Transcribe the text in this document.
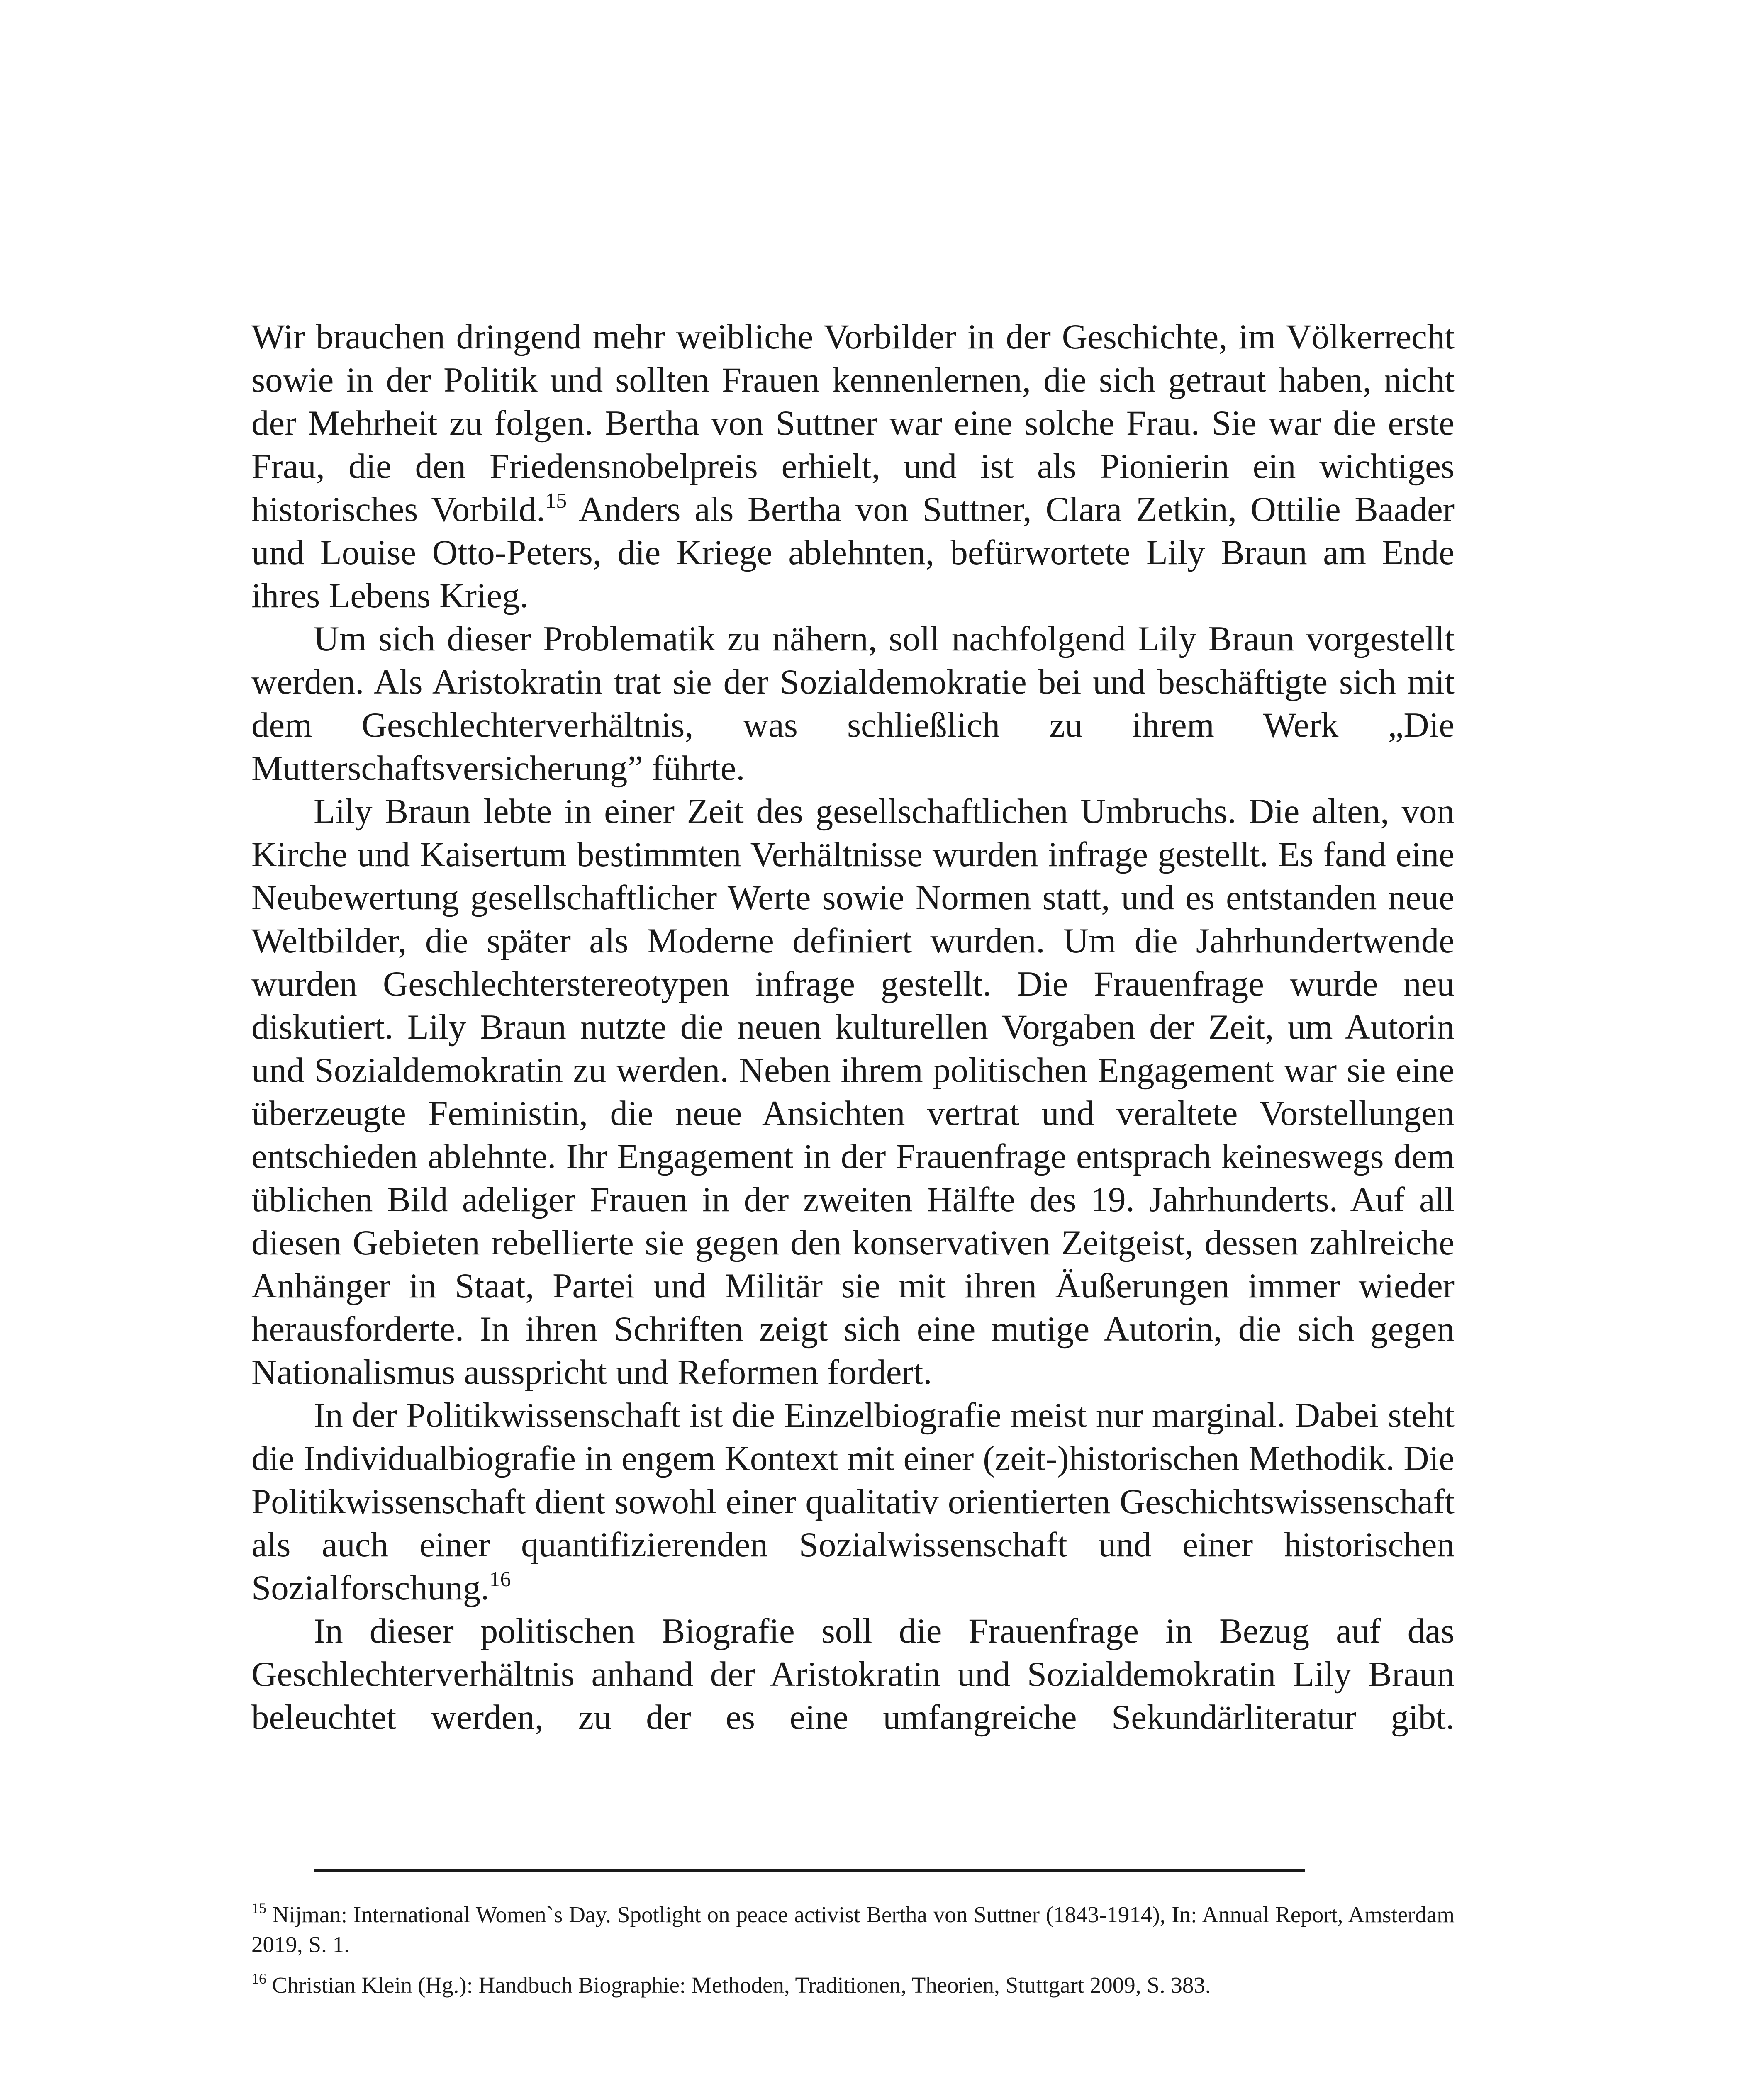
Wir brauchen dringend mehr weibliche Vorbilder in der Geschichte, im Völkerrecht sowie in der Politik und sollten Frauen kennenlernen, die sich getraut haben, nicht der Mehrheit zu folgen. Bertha von Suttner war eine solche Frau. Sie war die erste Frau, die den Friedensnobelpreis erhielt, und ist als Pionierin ein wichtiges historisches Vorbild.$^{15}$ Anders als Bertha von Suttner, Clara Zetkin, Ottilie Baader und Louise Otto-Peters, die Kriege ablehnten, befürwortete Lily Braun am Ende ihres Lebens Krieg.

Um sich dieser Problematik zu nähern, soll nachfolgend Lily Braun vorgestellt werden. Als Aristokratin trat sie der Sozialdemokratie bei und beschäftigte sich mit dem Geschlechterverhältnis, was schließlich zu ihrem Werk „Die Mutterschaftsversicherung” führte.

Lily Braun lebte in einer Zeit des gesellschaftlichen Umbruchs. Die alten, von Kirche und Kaisertum bestimmten Verhältnisse wurden infrage gestellt. Es fand eine Neubewertung gesellschaftlicher Werte sowie Normen statt, und es entstanden neue Weltbilder, die später als Moderne definiert wurden. Um die Jahrhundertwende wurden Geschlechterstereotypen infrage gestellt. Die Frauenfrage wurde neu diskutiert. Lily Braun nutzte die neuen kulturellen Vorgaben der Zeit, um Autorin und Sozialdemokratin zu werden. Neben ihrem politischen Engagement war sie eine überzeugte Feministin, die neue Ansichten vertrat und veraltete Vorstellungen entschieden ablehnte. Ihr Engagement in der Frauenfrage entsprach keineswegs dem üblichen Bild adeliger Frauen in der zweiten Hälfte des 19. Jahrhunderts. Auf all diesen Gebieten rebellierte sie gegen den konservativen Zeitgeist, dessen zahlreiche Anhänger in Staat, Partei und Militär sie mit ihren Äußerungen immer wieder herausforderte. In ihren Schriften zeigt sich eine mutige Autorin, die sich gegen Nationalismus ausspricht und Reformen fordert.

In der Politikwissenschaft ist die Einzelbiografie meist nur marginal. Dabei steht die Individualbiografie in engem Kontext mit einer (zeit-)historischen Methodik. Die Politikwissenschaft dient sowohl einer qualitativ orientierten Geschichtswissenschaft als auch einer quantifizierenden Sozialwissenschaft und einer historischen Sozialforschung.$^{16}$

In dieser politischen Biografie soll die Frauenfrage in Bezug auf das Geschlechterverhältnis anhand der Aristokratin und Sozialdemokratin Lily Braun beleuchtet werden, zu der es eine umfangreiche Sekundärliteratur gibt.

$^{15}$ Nijman: International Women`s Day. Spotlight on peace activist Bertha von Suttner (1843-1914), In: Annual Report, Amsterdam 2019, S. 1.

$^{16}$ Christian Klein (Hg.): Handbuch Biographie: Methoden, Traditionen, Theorien, Stuttgart 2009, S. 383.
